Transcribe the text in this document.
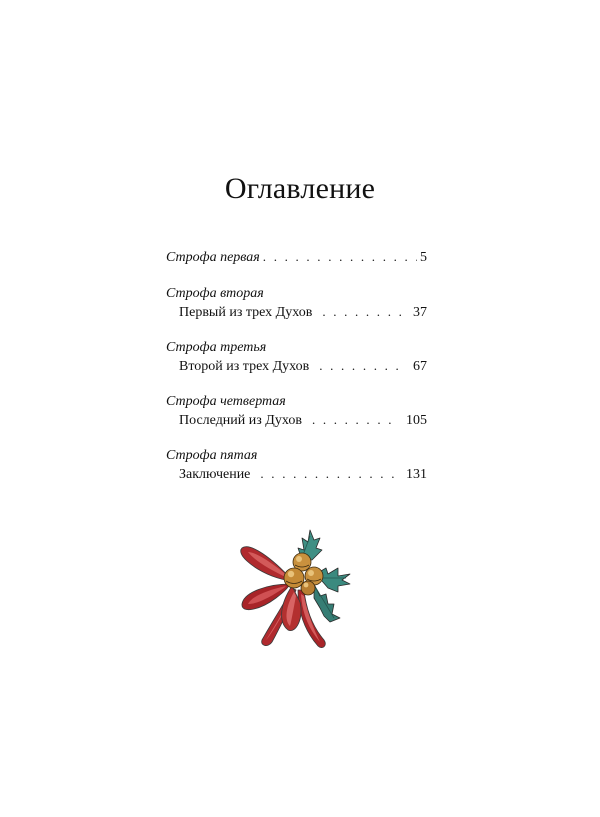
Оглавление
Строфа первая . . .	5
Строфа вторая
Первый из трех Духов . . .	37
Строфа третья
Второй из трех Духов . . .	67
Строфа четвертая
Последний из Духов . . .	105
Строфа пятая
Заключение . . .	131
